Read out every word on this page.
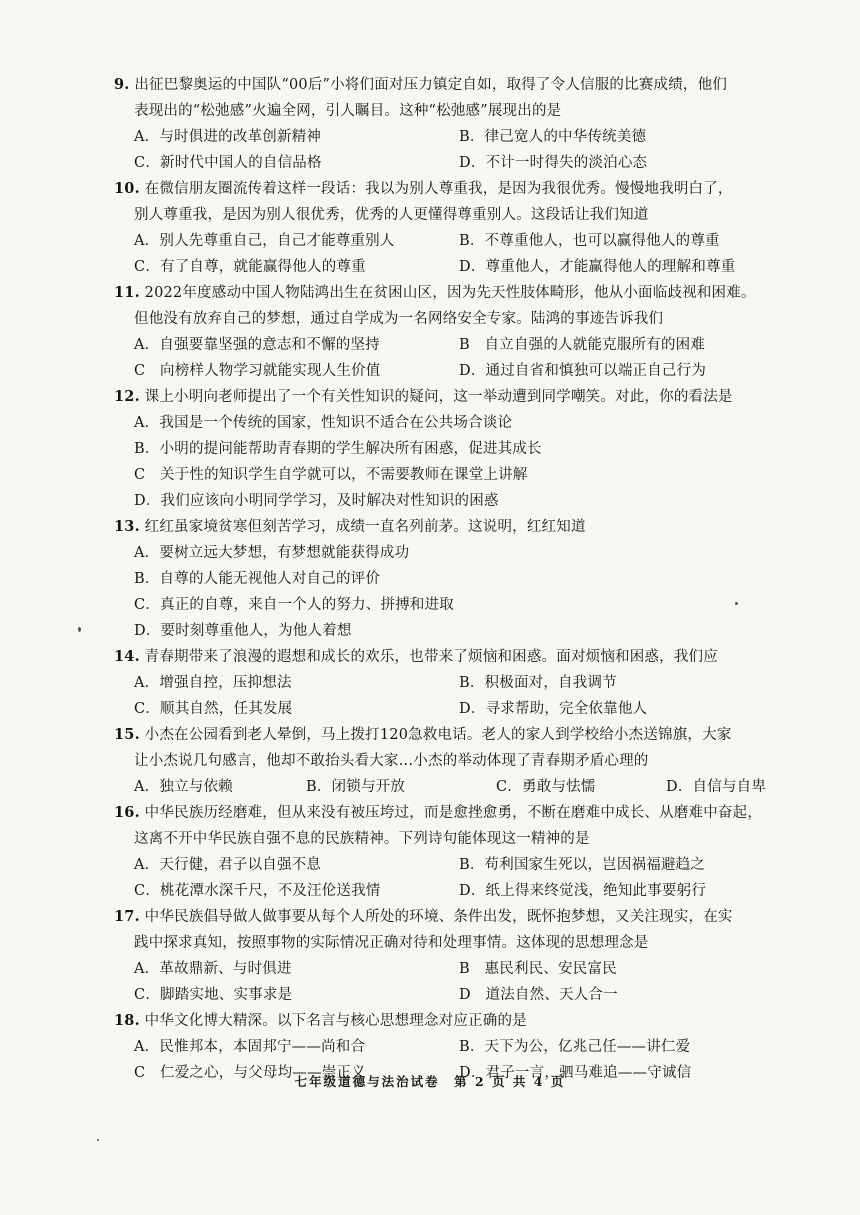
9. 出征巴黎奥运的中国队“00后”小将们面对压力镇定自如，取得了令人信服的比赛成绩，他们
表现出的“松弛感”火遍全网，引人瞩目。这种“松弛感”展现出的是
A．与时俱进的改革创新精神	B．律己宽人的中华传统美德
C．新时代中国人的自信品格	D．不计一时得失的淡泊心态
10. 在微信朋友圈流传着这样一段话：我以为别人尊重我，是因为我很优秀。慢慢地我明白了，
别人尊重我，是因为别人很优秀，优秀的人更懂得尊重别人。这段话让我们知道
A．别人先尊重自己，自己才能尊重别人	B．不尊重他人，也可以赢得他人的尊重
C．有了自尊，就能赢得他人的尊重	D．尊重他人，才能赢得他人的理解和尊重
11. 2022年度感动中国人物陆鸿出生在贫困山区，因为先天性肢体畸形，他从小面临歧视和困难。
但他没有放弃自己的梦想，通过自学成为一名网络安全专家。陆鸿的事迹告诉我们
A．自强要靠坚强的意志和不懈的坚持	B　自立自强的人就能克服所有的困难
C　向榜样人物学习就能实现人生价值	D．通过自省和慎独可以端正自己行为
12. 课上小明向老师提出了一个有关性知识的疑问，这一举动遭到同学嘲笑。对此，你的看法是
A．我国是一个传统的国家，性知识不适合在公共场合谈论
B．小明的提问能帮助青春期的学生解决所有困惑，促进其成长
C　关于性的知识学生自学就可以，不需要教师在课堂上讲解
D．我们应该向小明同学学习，及时解决对性知识的困惑
13. 红红虽家境贫寒但刻苦学习，成绩一直名列前茅。这说明，红红知道
A．要树立远大梦想，有梦想就能获得成功
B．自尊的人能无视他人对自己的评价
C．真正的自尊，来自一个人的努力、拼搏和进取
D．要时刻尊重他人，为他人着想
14. 青春期带来了浪漫的遐想和成长的欢乐，也带来了烦恼和困惑。面对烦恼和困惑，我们应
A．增强自控，压抑想法	B．积极面对，自我调节
C．顺其自然，任其发展	D．寻求帮助，完全依靠他人
15. 小杰在公园看到老人晕倒，马上拨打120急救电话。老人的家人到学校给小杰送锦旗，大家
让小杰说几句感言，他却不敢抬头看大家…小杰的举动体现了青春期矛盾心理的
A．独立与依赖	B．闭锁与开放	C．勇敢与怯懦	D．自信与自卑
16. 中华民族历经磨难，但从来没有被压垮过，而是愈挫愈勇，不断在磨难中成长、从磨难中奋起，
这离不开中华民族自强不息的民族精神。下列诗句能体现这一精神的是
A．天行健，君子以自强不息	B．苟利国家生死以，岂因祸福避趋之
C．桃花潭水深千尺，不及汪伦送我情	D．纸上得来终觉浅，绝知此事要躬行
17. 中华民族倡导做人做事要从每个人所处的环境、条件出发，既怀抱梦想，又关注现实，在实
践中探求真知，按照事物的实际情况正确对待和处理事情。这体现的思想理念是
A．革故鼎新、与时俱进	B　惠民利民、安民富民
C．脚踏实地、实事求是	D　道法自然、天人合一
18. 中华文化博大精深。以下名言与核心思想理念对应正确的是
A．民惟邦本，本固邦宁——尚和合	B．天下为公，亿兆己任——讲仁爱
C　仁爱之心，与父母均——崇正义	D．君子一言，驷马难追——守诚信
七年级道德与法治试卷　第 2 页 共 4 页
